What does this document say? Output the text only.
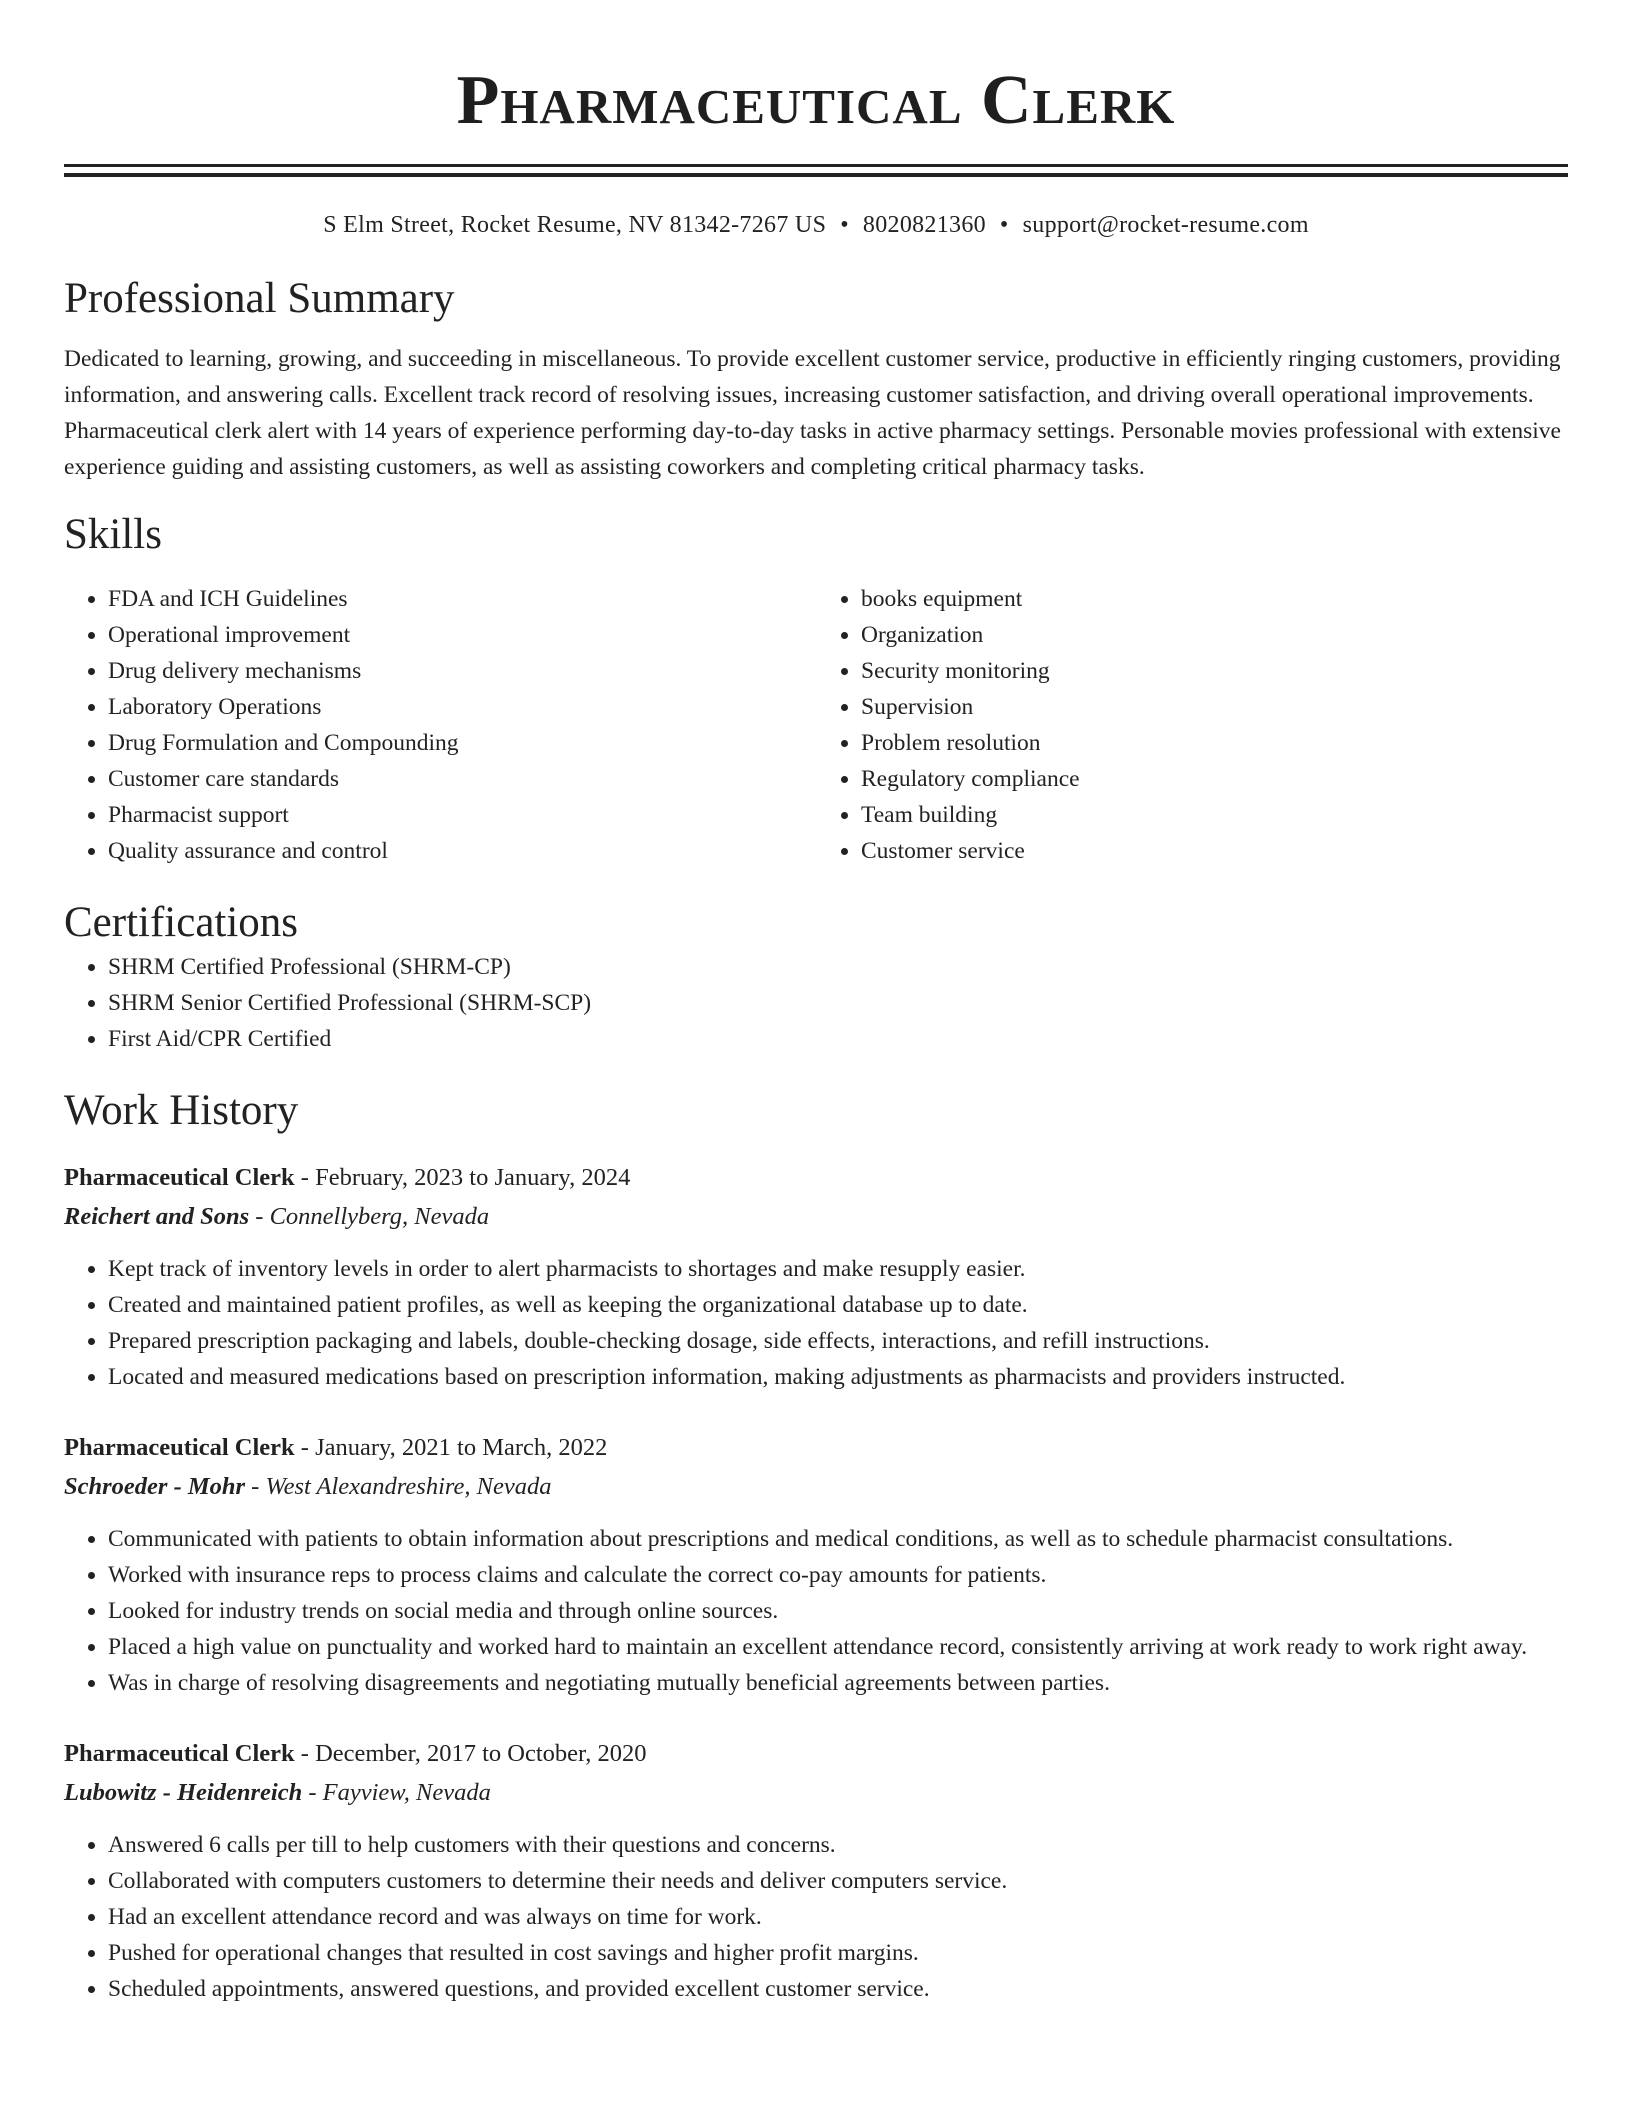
Pharmaceutical Clerk
S Elm Street, Rocket Resume, NV 81342-7267 US • 8020821360 • support@rocket-resume.com
Professional Summary

Dedicated to learning, growing, and succeeding in miscellaneous. To provide excellent customer service, productive in efficiently ringing customers, providing information, and answering calls. Excellent track record of resolving issues, increasing customer satisfaction, and driving overall operational improvements. Pharmaceutical clerk alert with 14 years of experience performing day-to-day tasks in active pharmacy settings. Personable movies professional with extensive experience guiding and assisting customers, as well as assisting coworkers and completing critical pharmacy tasks.

Skills
• FDA and ICH Guidelines
• Operational improvement
• Drug delivery mechanisms
• Laboratory Operations
• Drug Formulation and Compounding
• Customer care standards
• Pharmacist support
• Quality assurance and control
• books equipment
• Organization
• Security monitoring
• Supervision
• Problem resolution
• Regulatory compliance
• Team building
• Customer service
Certifications
• SHRM Certified Professional (SHRM-CP)
• SHRM Senior Certified Professional (SHRM-SCP)
• First Aid/CPR Certified
Work History
Pharmaceutical Clerk - February, 2023 to January, 2024
Reichert and Sons - Connellyberg, Nevada
• Kept track of inventory levels in order to alert pharmacists to shortages and make resupply easier.
• Created and maintained patient profiles, as well as keeping the organizational database up to date.
• Prepared prescription packaging and labels, double-checking dosage, side effects, interactions, and refill instructions.
• Located and measured medications based on prescription information, making adjustments as pharmacists and providers instructed.
Pharmaceutical Clerk - January, 2021 to March, 2022
Schroeder - Mohr - West Alexandreshire, Nevada
• Communicated with patients to obtain information about prescriptions and medical conditions, as well as to schedule pharmacist consultations.
• Worked with insurance reps to process claims and calculate the correct co-pay amounts for patients.
• Looked for industry trends on social media and through online sources.
• Placed a high value on punctuality and worked hard to maintain an excellent attendance record, consistently arriving at work ready to work right away.
• Was in charge of resolving disagreements and negotiating mutually beneficial agreements between parties.
Pharmaceutical Clerk - December, 2017 to October, 2020
Lubowitz - Heidenreich - Fayview, Nevada
• Answered 6 calls per till to help customers with their questions and concerns.
• Collaborated with computers customers to determine their needs and deliver computers service.
• Had an excellent attendance record and was always on time for work.
• Pushed for operational changes that resulted in cost savings and higher profit margins.
• Scheduled appointments, answered questions, and provided excellent customer service.
